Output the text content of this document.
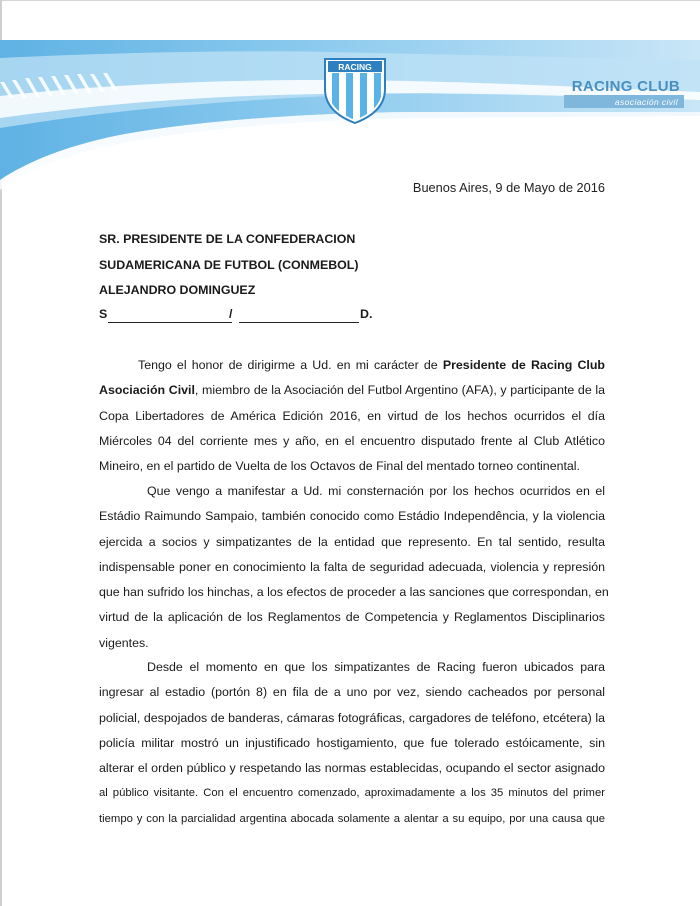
RACING
RACING CLUB
asociación civil
Buenos Aires, 9 de Mayo de 2016
SR. PRESIDENTE DE LA CONFEDERACION
SUDAMERICANA DE FUTBOL (CONMEBOL)
ALEJANDRO DOMINGUEZ
S	/	D.
Tengo el honor de dirigirme a Ud. en mi carácter de Presidente de Racing Club
Asociación Civil, miembro de la Asociación del Futbol Argentino (AFA), y participante de la
Copa Libertadores de América Edición 2016, en virtud de los hechos ocurridos el día
Miércoles 04 del corriente mes y año, en el encuentro disputado frente al Club Atlético
Mineiro, en el partido de Vuelta de los Octavos de Final del mentado torneo continental.
Que vengo a manifestar a Ud. mi consternación por los hechos ocurridos en el
Estádio Raimundo Sampaio, también conocido como Estádio Independência, y la violencia
ejercida a socios y simpatizantes de la entidad que represento. En tal sentido, resulta
indispensable poner en conocimiento la falta de seguridad adecuada, violencia y represión
que han sufrido los hinchas, a los efectos de proceder a las sanciones que correspondan, en
virtud de la aplicación de los Reglamentos de Competencia y Reglamentos Disciplinarios
vigentes.
Desde el momento en que los simpatizantes de Racing fueron ubicados para
ingresar al estadio (portón 8) en fila de a uno por vez, siendo cacheados por personal
policial, despojados de banderas, cámaras fotográficas, cargadores de teléfono, etcétera) la
policía militar mostró un injustificado hostigamiento, que fue tolerado estóicamente, sin
alterar el orden público y respetando las normas establecidas, ocupando el sector asignado
al público visitante. Con el encuentro comenzado, aproximadamente a los 35 minutos del primer
tiempo y con la parcialidad argentina abocada solamente a alentar a su equipo, por una causa que
